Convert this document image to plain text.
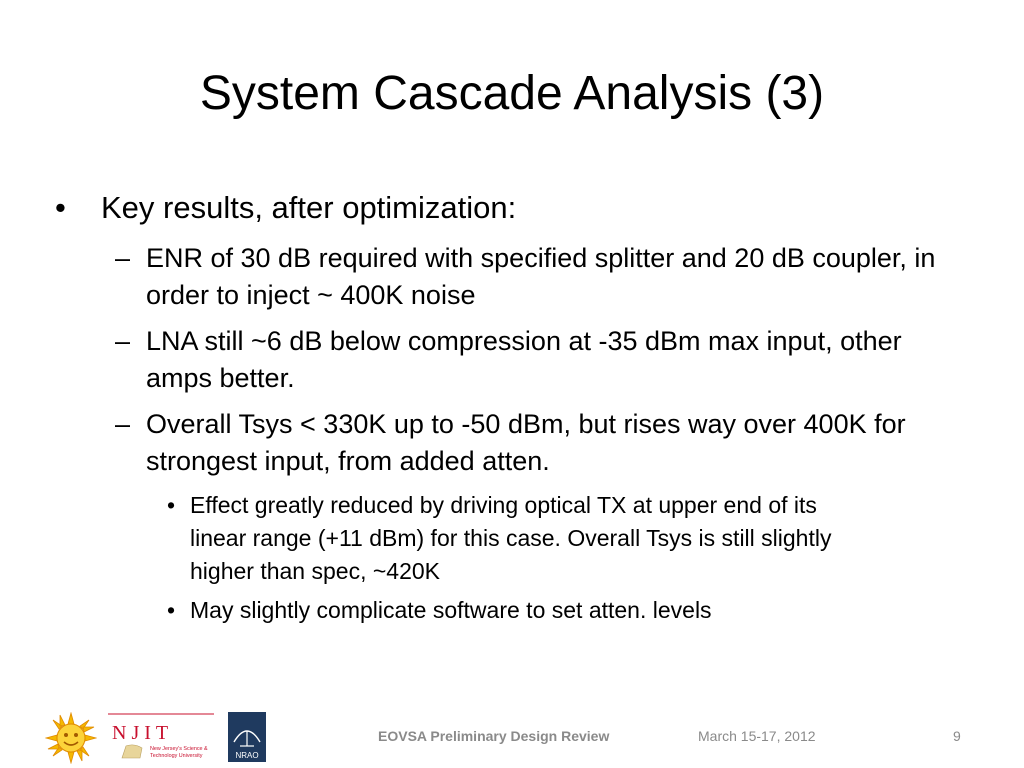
System Cascade Analysis (3)
• Key results, after optimization:
– ENR of 30 dB required with specified splitter and 20 dB coupler, in order to inject ~ 400K noise
– LNA still ~6 dB below compression at -35 dBm max input, other amps better.
– Overall Tsys < 330K up to -50 dBm, but rises way over 400K for strongest input, from added atten.
• Effect greatly reduced by driving optical TX at upper end of its linear range (+11 dBm) for this case. Overall Tsys is still slightly higher than spec, ~420K
• May slightly complicate software to set atten. levels
NJIT
New Jersey's Science &
Technology University	NRAO
EOVSA Preliminary Design Review	March 15-17, 2012	9
